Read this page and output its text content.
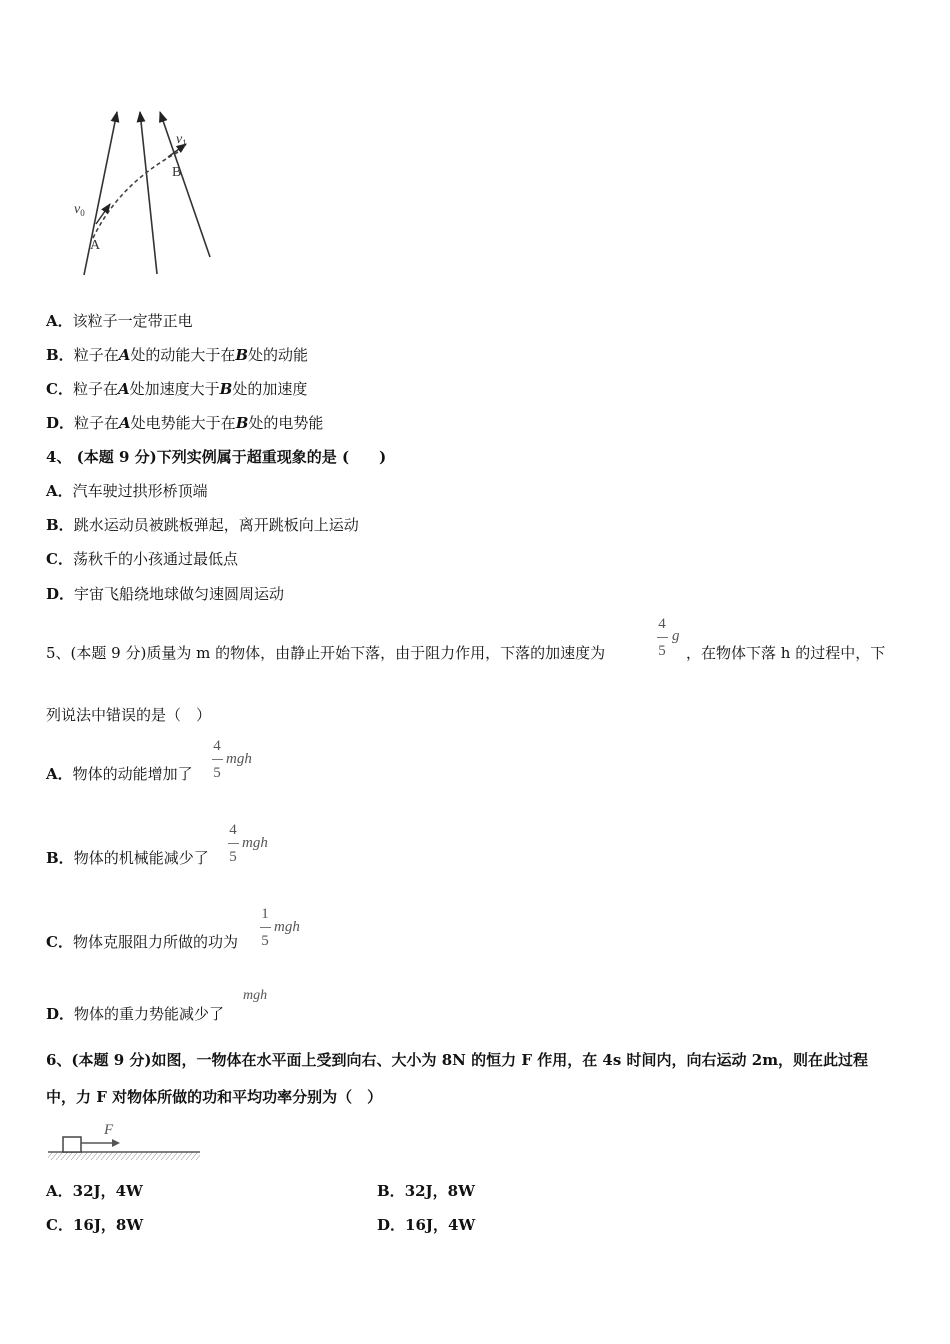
$v_0$
$v_1$
A
B
A．该粒子一定带正电
B．粒子在A处的动能大于在B处的动能
C．粒子在A处加速度大于B处的加速度
D．粒子在A处电势能大于在B处的电势能
4、 (本题 9 分)下列实例属于超重现象的是 (　　)
A．汽车驶过拱形桥顶端
B．跳水运动员被跳板弹起，离开跳板向上运动
C．荡秋千的小孩通过最低点
D．宇宙飞船绕地球做匀速圆周运动
5、(本题 9 分)质量为 m 的物体，由静止开始下落，由于阻力作用，下落的加速度为
4
5
g
，在物体下落 h 的过程中，下
列说法中错误的是（　）
A．物体的动能增加了
4
5
mgh
B．物体的机械能减少了
4
5
mgh
C．物体克服阻力所做的功为
1
5
mgh
D．物体的重力势能减少了
mgh
6、(本题 9 分)如图，一物体在水平面上受到向右、大小为 8N 的恒力 F 作用，在 4s 时间内，向右运动 2m，则在此过程
中，力 F 对物体所做的功和平均功率分别为（　）
F
A．32J，4W	B．32J，8W
C．16J，8W	D．16J，4W
